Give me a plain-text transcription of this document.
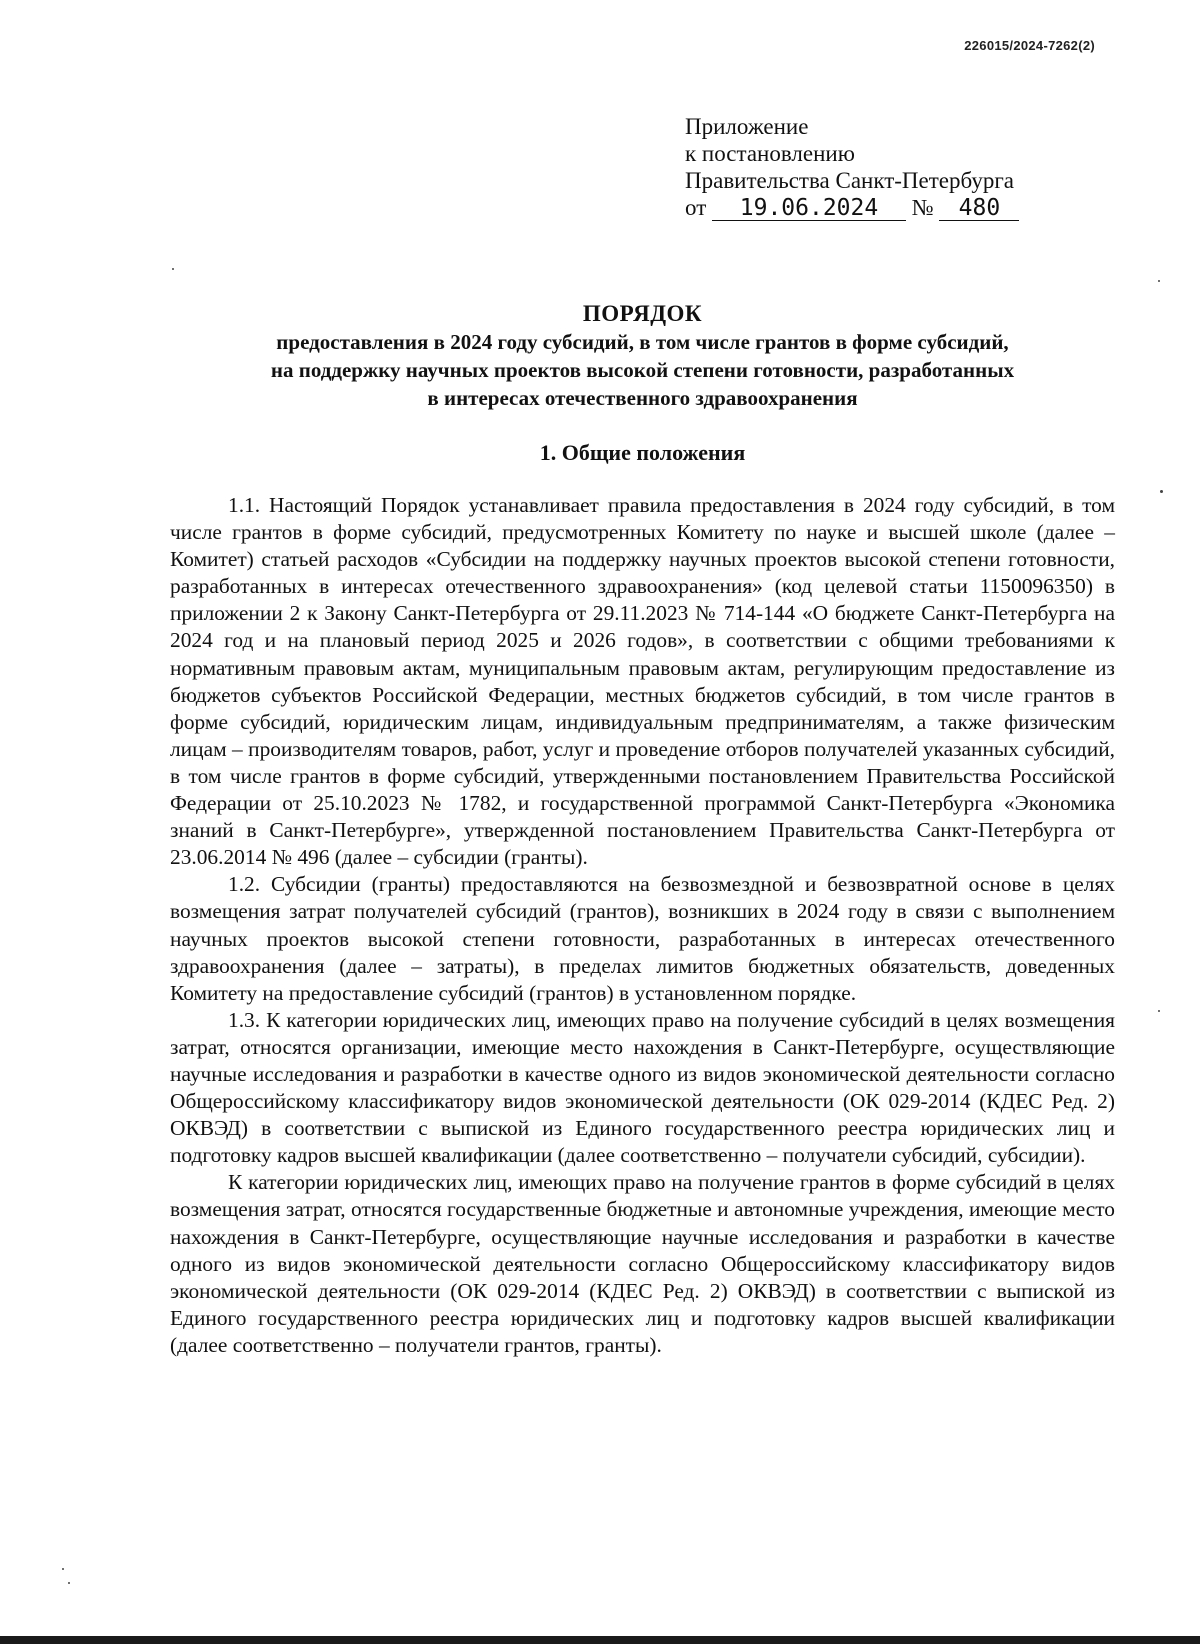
226015/2024-7262(2)
Приложение
к постановлению
Правительства Санкт-Петербурга
от 19.06.2024 № 480
ПОРЯДОК
предоставления в 2024 году субсидий, в том числе грантов в форме субсидий,
на поддержку научных проектов высокой степени готовности, разработанных
в интересах отечественного здравоохранения
1. Общие положения

1.1. Настоящий Порядок устанавливает правила предоставления в 2024 году субсидий, в том числе грантов в форме субсидий, предусмотренных Комитету по науке и высшей школе (далее – Комитет) статьей расходов «Субсидии на поддержку научных проектов высокой степени готовности, разработанных в интересах отечественного здравоохранения» (код целевой статьи 1150096350) в приложении 2 к Закону Санкт-Петербурга от 29.11.2023 № 714-144 «О бюджете Санкт-Петербурга на 2024 год и на плановый период 2025 и 2026 годов», в соответствии с общими требованиями к нормативным правовым актам, муниципальным правовым актам, регулирующим предоставление из бюджетов субъектов Российской Федерации, местных бюджетов субсидий, в том числе грантов в форме субсидий, юридическим лицам, индивидуальным предпринимателям, а также физическим лицам – производителям товаров, работ, услуг и проведение отборов получателей указанных субсидий, в том числе грантов в форме субсидий, утвержденными постановлением Правительства Российской Федерации от 25.10.2023 № 1782, и государственной программой Санкт-Петербурга «Экономика знаний в Санкт-Петербурге», утвержденной постановлением Правительства Санкт-Петербурга от 23.06.2014 № 496 (далее – субсидии (гранты).

1.2. Субсидии (гранты) предоставляются на безвозмездной и безвозвратной основе в целях возмещения затрат получателей субсидий (грантов), возникших в 2024 году в связи с выполнением научных проектов высокой степени готовности, разработанных в интересах отечественного здравоохранения (далее – затраты), в пределах лимитов бюджетных обязательств, доведенных Комитету на предоставление субсидий (грантов) в установленном порядке.

1.3. К категории юридических лиц, имеющих право на получение субсидий в целях возмещения затрат, относятся организации, имеющие место нахождения в Санкт-Петербурге, осуществляющие научные исследования и разработки в качестве одного из видов экономической деятельности согласно Общероссийскому классификатору видов экономической деятельности (ОК 029-2014 (КДЕС Ред. 2) ОКВЭД) в соответствии с выпиской из Единого государственного реестра юридических лиц и подготовку кадров высшей квалификации (далее соответственно – получатели субсидий, субсидии).

К категории юридических лиц, имеющих право на получение грантов в форме субсидий в целях возмещения затрат, относятся государственные бюджетные и автономные учреждения, имеющие место нахождения в Санкт-Петербурге, осуществляющие научные исследования и разработки в качестве одного из видов экономической деятельности согласно Общероссийскому классификатору видов экономической деятельности (ОК 029-2014 (КДЕС Ред. 2) ОКВЭД) в соответствии с выпиской из Единого государственного реестра юридических лиц и подготовку кадров высшей квалификации (далее соответственно – получатели грантов, гранты).
